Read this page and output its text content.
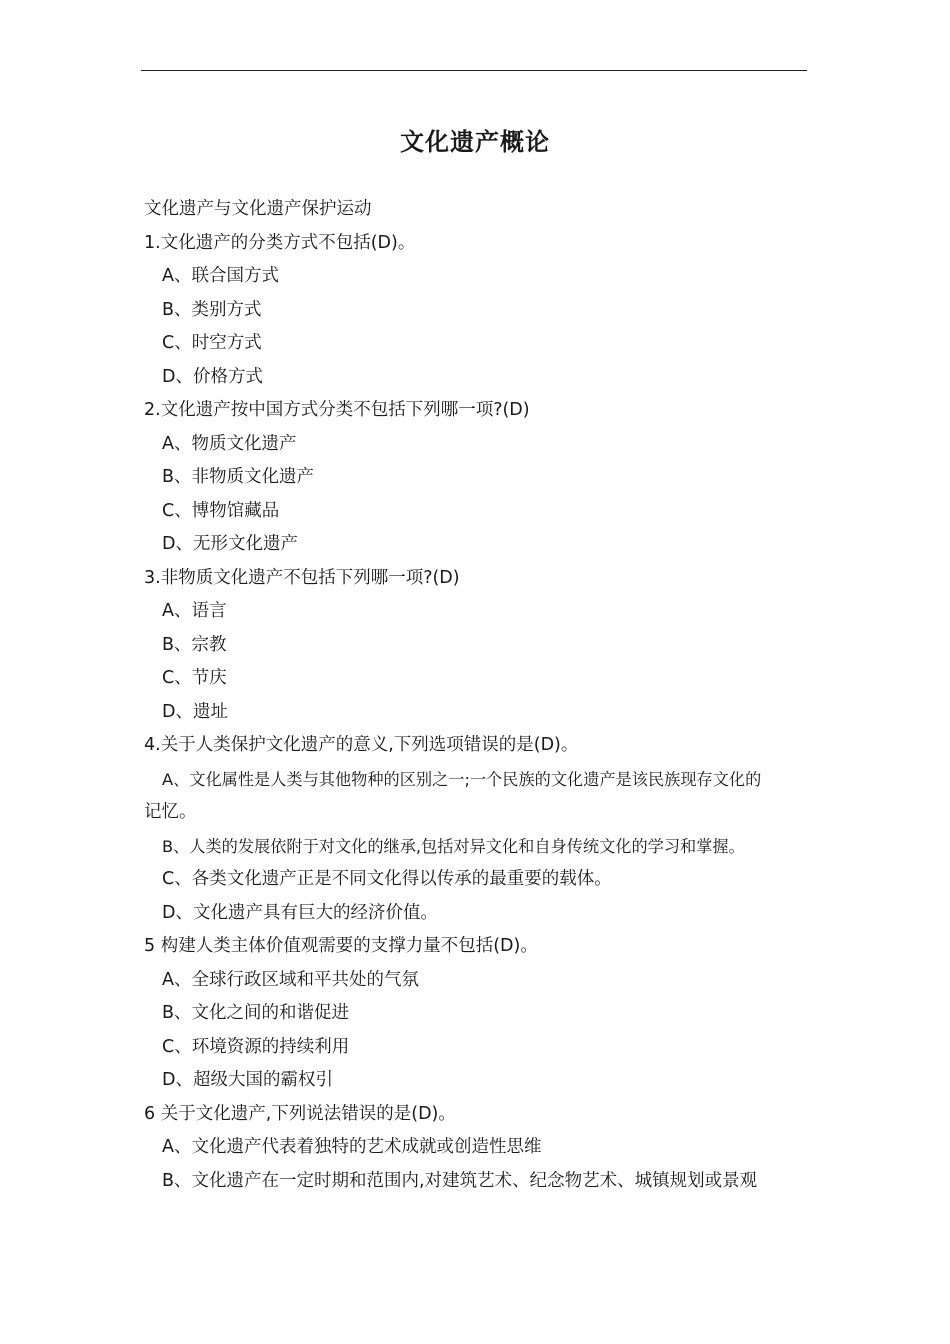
文化遗产概论
文化遗产与文化遗产保护运动
1.文化遗产的分类方式不包括(D)。
A、联合国方式
B、类别方式
C、时空方式
D、价格方式
2.文化遗产按中国方式分类不包括下列哪一项?(D)
A、物质文化遗产
B、非物质文化遗产
C、博物馆藏品
D、无形文化遗产
3.非物质文化遗产不包括下列哪一项?(D)
A、语言
B、宗教
C、节庆
D、遗址
4.关于人类保护文化遗产的意义,下列选项错误的是(D)。
A、文化属性是人类与其他物种的区别之一;一个民族的文化遗产是该民族现存文化的
记忆。
B、人类的发展依附于对文化的继承,包括对异文化和自身传统文化的学习和掌握。
C、各类文化遗产正是不同文化得以传承的最重要的载体。
D、文化遗产具有巨大的经济价值。
5 构建人类主体价值观需要的支撑力量不包括(D)。
A、全球行政区域和平共处的气氛
B、文化之间的和谐促进
C、环境资源的持续利用
D、超级大国的霸权引
6 关于文化遗产,下列说法错误的是(D)。
A、文化遗产代表着独特的艺术成就或创造性思维
B、文化遗产在一定时期和范围内,对建筑艺术、纪念物艺术、城镇规划或景观
